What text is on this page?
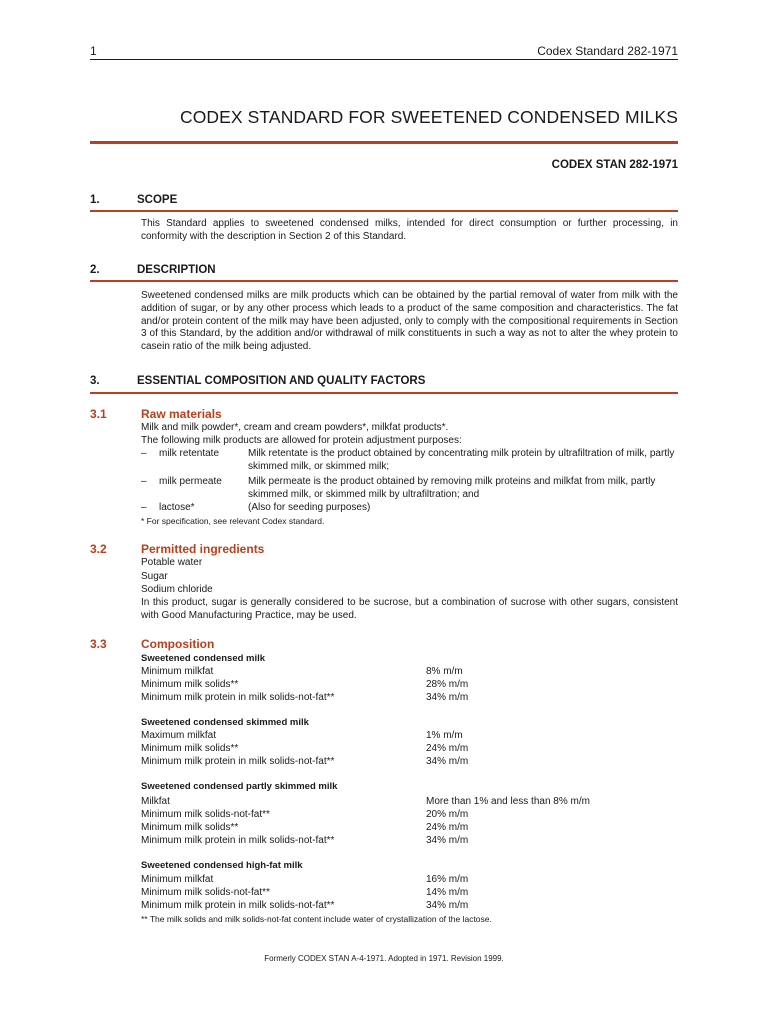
1	Codex Standard 282-1971
CODEX STANDARD FOR SWEETENED CONDENSED MILKS
CODEX STAN 282-1971
1.	SCOPE
This Standard applies to sweetened condensed milks, intended for direct consumption or further processing, in conformity with the description in Section 2 of this Standard.
2.	DESCRIPTION
Sweetened condensed milks are milk products which can be obtained by the partial removal of water from milk with the addition of sugar, or by any other process which leads to a product of the same composition and characteristics. The fat and/or protein content of the milk may have been adjusted, only to comply with the compositional requirements in Section 3 of this Standard, by the addition and/or withdrawal of milk constituents in such a way as not to alter the whey protein to casein ratio of the milk being adjusted.
3.	ESSENTIAL COMPOSITION AND QUALITY FACTORS
3.1	Raw materials
Milk and milk powder*, cream and cream powders*, milkfat products*.
The following milk products are allowed for protein adjustment purposes:
– milk retentate	Milk retentate is the product obtained by concentrating milk protein by ultrafiltration of milk, partly skimmed milk, or skimmed milk;
– milk permeate	Milk permeate is the product obtained by removing milk proteins and milkfat from milk, partly skimmed milk, or skimmed milk by ultrafiltration; and
– lactose*	(Also for seeding purposes)
* For specification, see relevant Codex standard.
3.2	Permitted ingredients
Potable water
Sugar
Sodium chloride
In this product, sugar is generally considered to be sucrose, but a combination of sucrose with other sugars, consistent with Good Manufacturing Practice, may be used.
3.3	Composition
Sweetened condensed milk
Minimum milkfat	8% m/m
Minimum milk solids**	28% m/m
Minimum milk protein in milk solids-not-fat**	34% m/m
Sweetened condensed skimmed milk
Maximum milkfat	1% m/m
Minimum milk solids**	24% m/m
Minimum milk protein in milk solids-not-fat**	34% m/m
Sweetened condensed partly skimmed milk
Milkfat	More than 1% and less than 8% m/m
Minimum milk solids-not-fat**	20% m/m
Minimum milk solids**	24% m/m
Minimum milk protein in milk solids-not-fat**	34% m/m
Sweetened condensed high-fat milk
Minimum milkfat	16% m/m
Minimum milk solids-not-fat**	14% m/m
Minimum milk protein in milk solids-not-fat**	34% m/m
** The milk solids and milk solids-not-fat content include water of crystallization of the lactose.
Formerly CODEX STAN A-4-1971. Adopted in 1971. Revision 1999.
